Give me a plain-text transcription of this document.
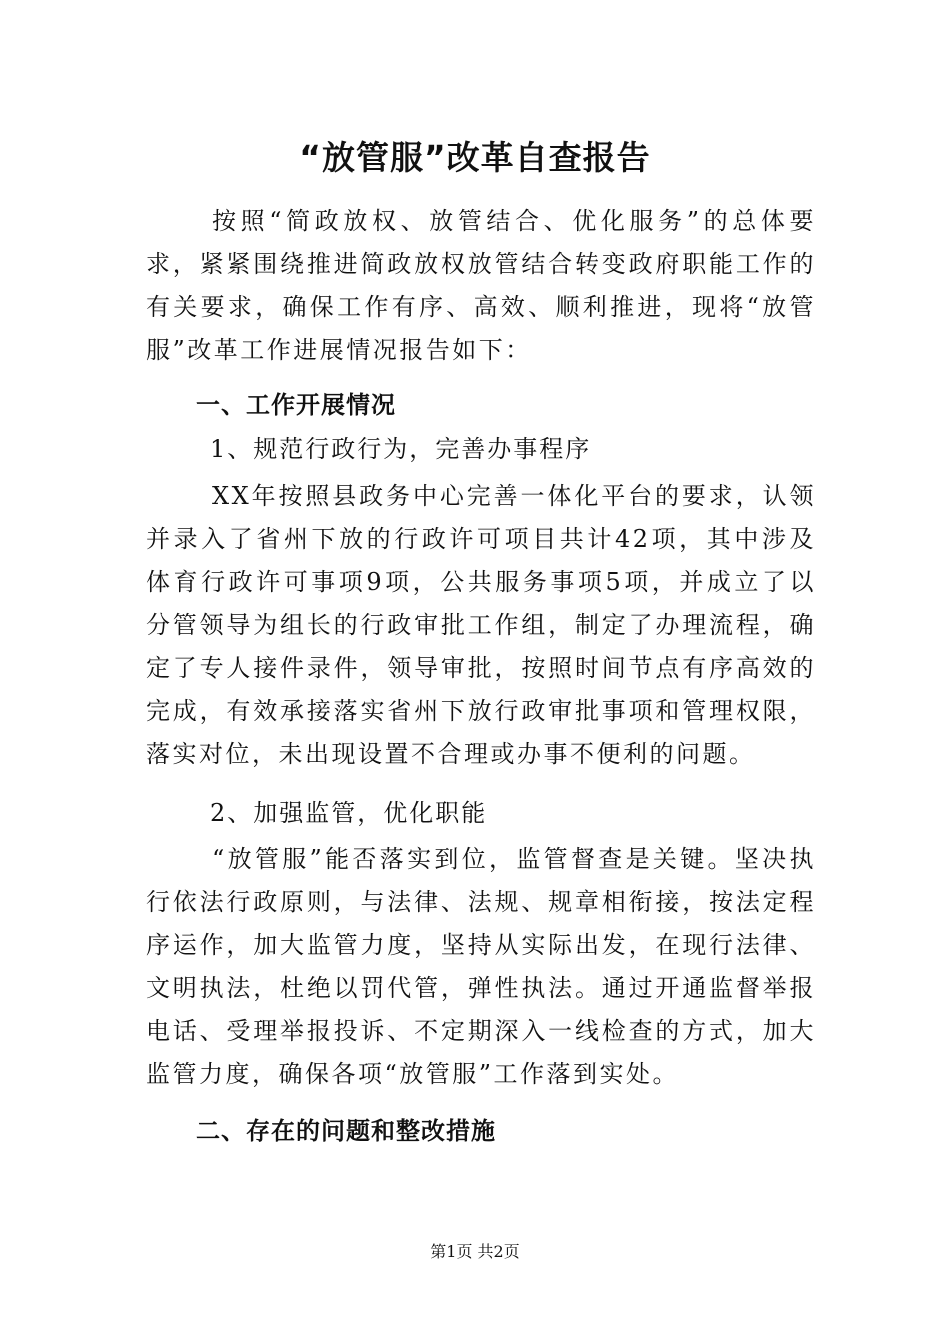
“放管服”改革自查报告
按照“简政放权、放管结合、优化服务”的总体要求，紧紧围绕推进简政放权放管结合转变政府职能工作的有关要求，确保工作有序、高效、顺利推进，现将“放管服”改革工作进展情况报告如下：
一、工作开展情况
1、规范行政行为，完善办事程序
XX年按照县政务中心完善一体化平台的要求，认领并录入了省州下放的行政许可项目共计42项，其中涉及体育行政许可事项9项，公共服务事项5项，并成立了以分管领导为组长的行政审批工作组，制定了办理流程，确定了专人接件录件，领导审批，按照时间节点有序高效的完成，有效承接落实省州下放行政审批事项和管理权限，落实对位，未出现设置不合理或办事不便利的问题。
2、加强监管，优化职能
“放管服”能否落实到位，监管督查是关键。坚决执行依法行政原则，与法律、法规、规章相衔接，按法定程序运作，加大监管力度，坚持从实际出发，在现行法律、文明执法，杜绝以罚代管，弹性执法。通过开通监督举报电话、受理举报投诉、不定期深入一线检查的方式，加大监管力度，确保各项“放管服”工作落到实处。
二、存在的问题和整改措施
第1页 共2页
